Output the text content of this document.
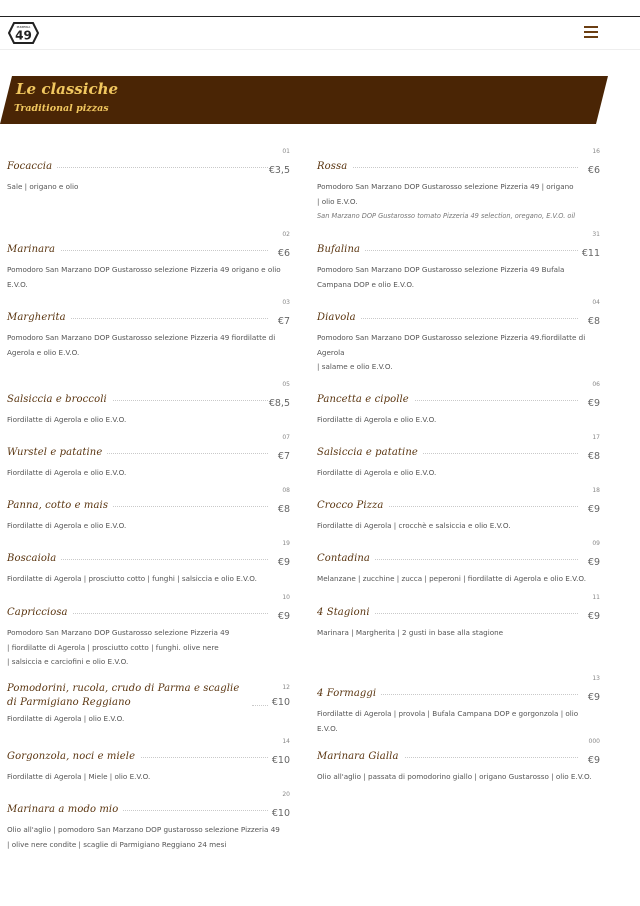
PIZZERIA
49
Le classiche
Traditional pizzas
Focaccia
01
€3,5
Sale | origano e olio
Marinara
02
€6
Pomodoro San Marzano DOP Gustarosso selezione Pizzeria 49 origano e olio E.V.O.
Margherita
03
€7
Pomodoro San Marzano DOP Gustarosso selezione Pizzeria 49 fiordilatte di Agerola e olio E.V.O.
Salsiccia e broccoli
05
€8,5
Fiordilatte di Agerola e olio E.V.O.
Wurstel e patatine
07
€7
Fiordilatte di Agerola e olio E.V.O.
Panna, cotto e mais
08
€8
Fiordilatte di Agerola e olio E.V.O.
Boscaiola
19
€9
Fiordilatte di Agerola | prosciutto cotto | funghi | salsiccia e olio E.V.O.
Capricciosa
10
€9
Pomodoro San Marzano DOP Gustarosso selezione Pizzeria 49
| fiordilatte di Agerola | prosciutto cotto | funghi. olive nere
| salsiccia e carciofini e olio E.V.O.
Pomodorini, rucola, crudo di Parma e scaglie di Parmigiano Reggiano
12
€10
Fiordilatte di Agerola | olio E.V.O.
Gorgonzola, noci e miele
14
€10
Fiordilatte di Agerola | Miele | olio E.V.O.
Marinara a modo mio
20
€10
Olio all'aglio | pomodoro San Marzano DOP gustarosso selezione Pizzeria 49
| olive nere condite | scaglie di Parmigiano Reggiano 24 mesi
Rossa
16
€6
Pomodoro San Marzano DOP Gustarosso selezione Pizzeria 49 | origano
| olio E.V.O.
San Marzano DOP Gustarosso tomato Pizzeria 49 selection, oregano, E.V.O. oil
Bufalina
31
€11
Pomodoro San Marzano DOP Gustarosso selezione Pizzeria 49 Bufala Campana DOP e olio E.V.O.
Diavola
04
€8
Pomodoro San Marzano DOP Gustarosso selezione Pizzeria 49.fiordilatte di Agerola
| salame e olio E.V.O.
Pancetta e cipolle
06
€9
Fiordilatte di Agerola e olio E.V.O.
Salsiccia e patatine
17
€8
Fiordilatte di Agerola e olio E.V.O.
Crocco Pizza
18
€9
Fiordilatte di Agerola | crocchè e salsiccia e olio E.V.O.
Contadina
09
€9
Melanzane | zucchine | zucca | peperoni | fiordilatte di Agerola e olio E.V.O.
4 Stagioni
11
€9
Marinara | Margherita | 2 gusti in base alla stagione
4 Formaggi
13
€9
Fiordilatte di Agerola | provola | Bufala Campana DOP e gorgonzola | olio E.V.O.
Marinara Gialla
000
€9
Olio all'aglio | passata di pomodorino giallo | origano Gustarosso | olio E.V.O.
